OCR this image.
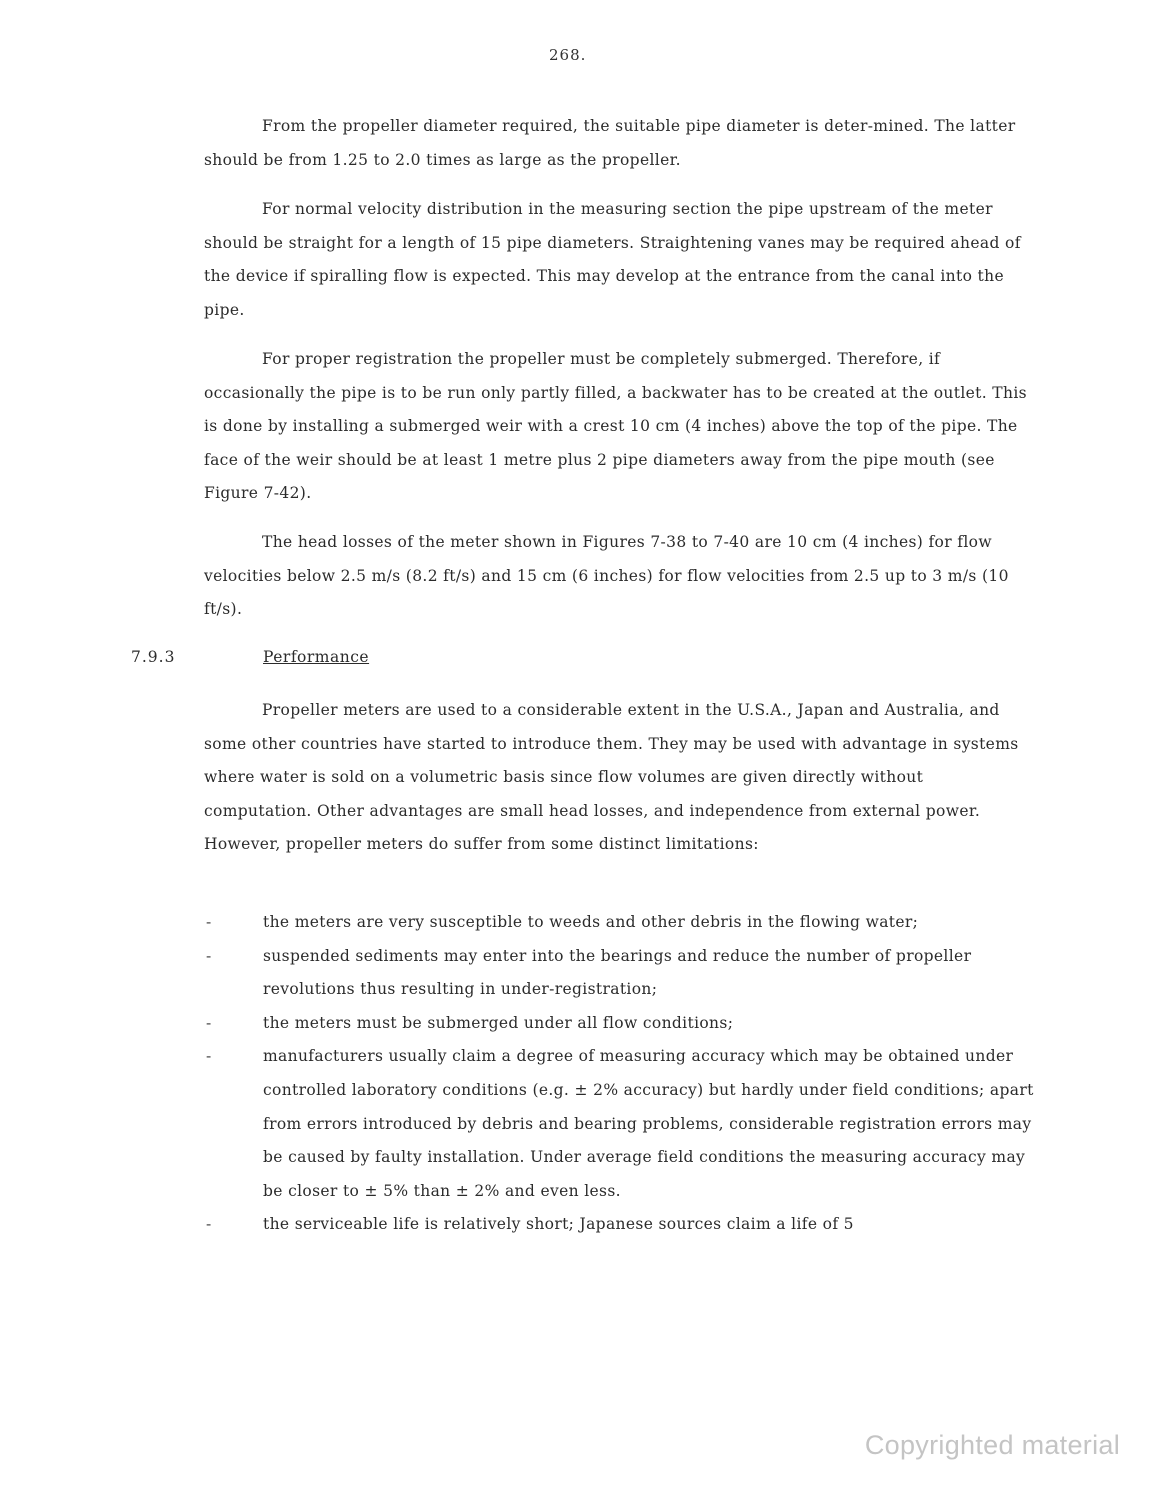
268.

From the propeller diameter required, the suitable pipe diameter is deter-mined. The latter should be from 1.25 to 2.0 times as large as the propeller.

For normal velocity distribution in the measuring section the pipe upstream of the meter should be straight for a length of 15 pipe diameters. Straightening vanes may be required ahead of the device if spiralling flow is expected. This may develop at the entrance from the canal into the pipe.

For proper registration the propeller must be completely submerged. Therefore, if occasionally the pipe is to be run only partly filled, a backwater has to be created at the outlet. This is done by installing a submerged weir with a crest 10 cm (4 inches) above the top of the pipe. The face of the weir should be at least 1 metre plus 2 pipe diameters away from the pipe mouth (see Figure 7-42).

The head losses of the meter shown in Figures 7-38 to 7-40 are 10 cm (4 inches) for flow velocities below 2.5 m/s (8.2 ft/s) and 15 cm (6 inches) for flow velocities from 2.5 up to 3 m/s (10 ft/s).

7.9.3	Performance

Propeller meters are used to a considerable extent in the U.S.A., Japan and Australia, and some other countries have started to introduce them. They may be used with advantage in systems where water is sold on a volumetric basis since flow volumes are given directly without computation. Other advantages are small head losses, and independence from external power. However, propeller meters do suffer from some distinct limitations:

-	the meters are very susceptible to weeds and other debris in the flowing water;
-	suspended sediments may enter into the bearings and reduce the number of propeller revolutions thus resulting in under-registration;
-	the meters must be submerged under all flow conditions;
-	manufacturers usually claim a degree of measuring accuracy which may be obtained under controlled laboratory conditions (e.g. ± 2% accuracy) but hardly under field conditions; apart from errors introduced by debris and bearing problems, considerable registration errors may be caused by faulty installation. Under average field conditions the measuring accuracy may be closer to ± 5% than ± 2% and even less.
-	the serviceable life is relatively short; Japanese sources claim a life of 5
Copyrighted material
